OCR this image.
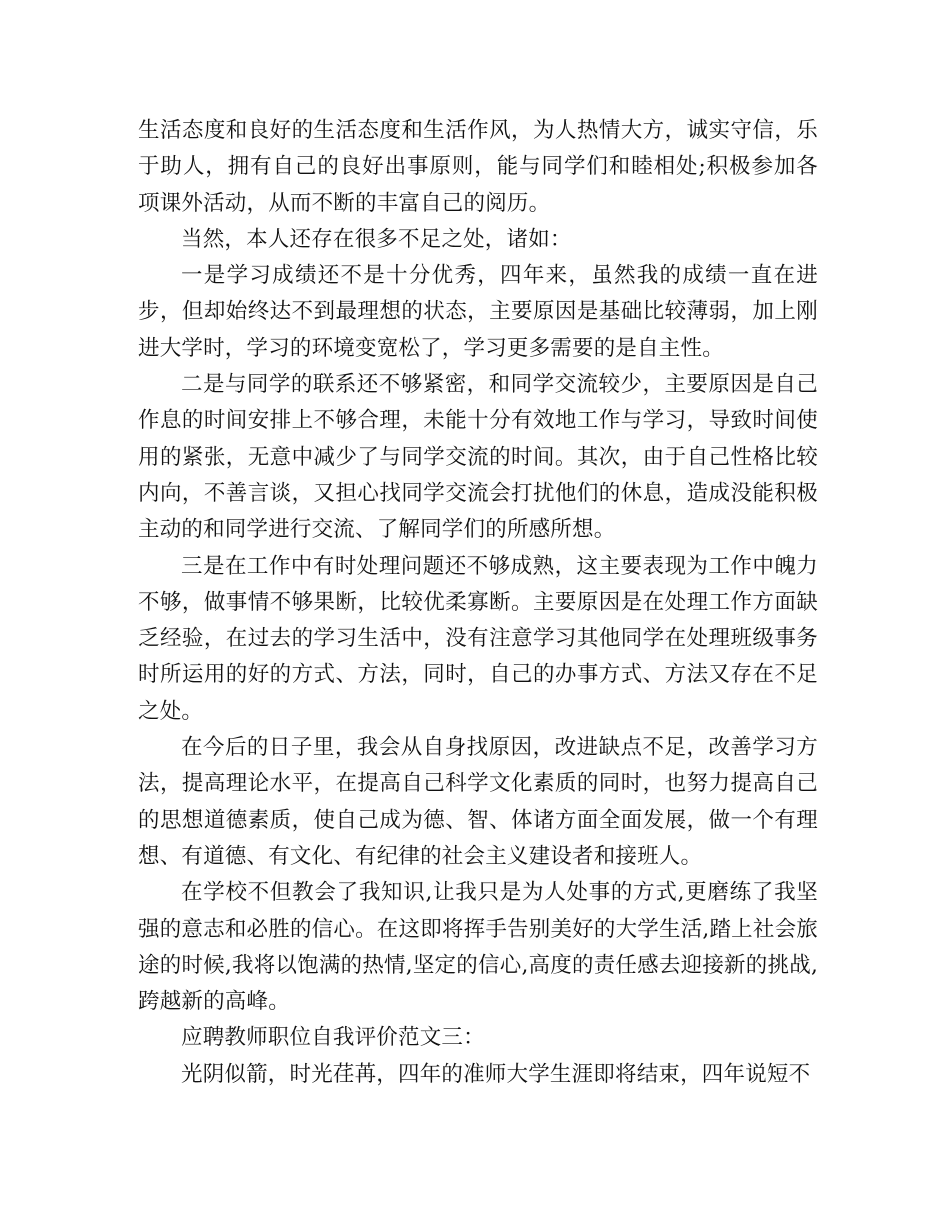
生活态度和良好的生活态度和生活作风，为人热情大方，诚实守信，乐于助人，拥有自己的良好出事原则，能与同学们和睦相处;积极参加各项课外活动，从而不断的丰富自己的阅历。

当然，本人还存在很多不足之处，诸如：

一是学习成绩还不是十分优秀，四年来，虽然我的成绩一直在进步，但却始终达不到最理想的状态，主要原因是基础比较薄弱，加上刚进大学时，学习的环境变宽松了，学习更多需要的是自主性。

二是与同学的联系还不够紧密，和同学交流较少，主要原因是自己作息的时间安排上不够合理，未能十分有效地工作与学习，导致时间使用的紧张，无意中减少了与同学交流的时间。其次，由于自己性格比较内向，不善言谈，又担心找同学交流会打扰他们的休息，造成没能积极主动的和同学进行交流、了解同学们的所感所想。

三是在工作中有时处理问题还不够成熟，这主要表现为工作中魄力不够，做事情不够果断，比较优柔寡断。主要原因是在处理工作方面缺乏经验，在过去的学习生活中，没有注意学习其他同学在处理班级事务时所运用的好的方式、方法，同时，自己的办事方式、方法又存在不足之处。

在今后的日子里，我会从自身找原因，改进缺点不足，改善学习方法，提高理论水平，在提高自己科学文化素质的同时，也努力提高自己的思想道德素质，使自己成为德、智、体诸方面全面发展，做一个有理想、有道德、有文化、有纪律的社会主义建设者和接班人。

在学校不但教会了我知识,让我只是为人处事的方式,更磨练了我坚强的意志和必胜的信心。在这即将挥手告别美好的大学生活,踏上社会旅途的时候,我将以饱满的热情,坚定的信心,高度的责任感去迎接新的挑战,跨越新的高峰。

应聘教师职位自我评价范文三：

光阴似箭，时光荏苒，四年的准师大学生涯即将结束，四年说短不
